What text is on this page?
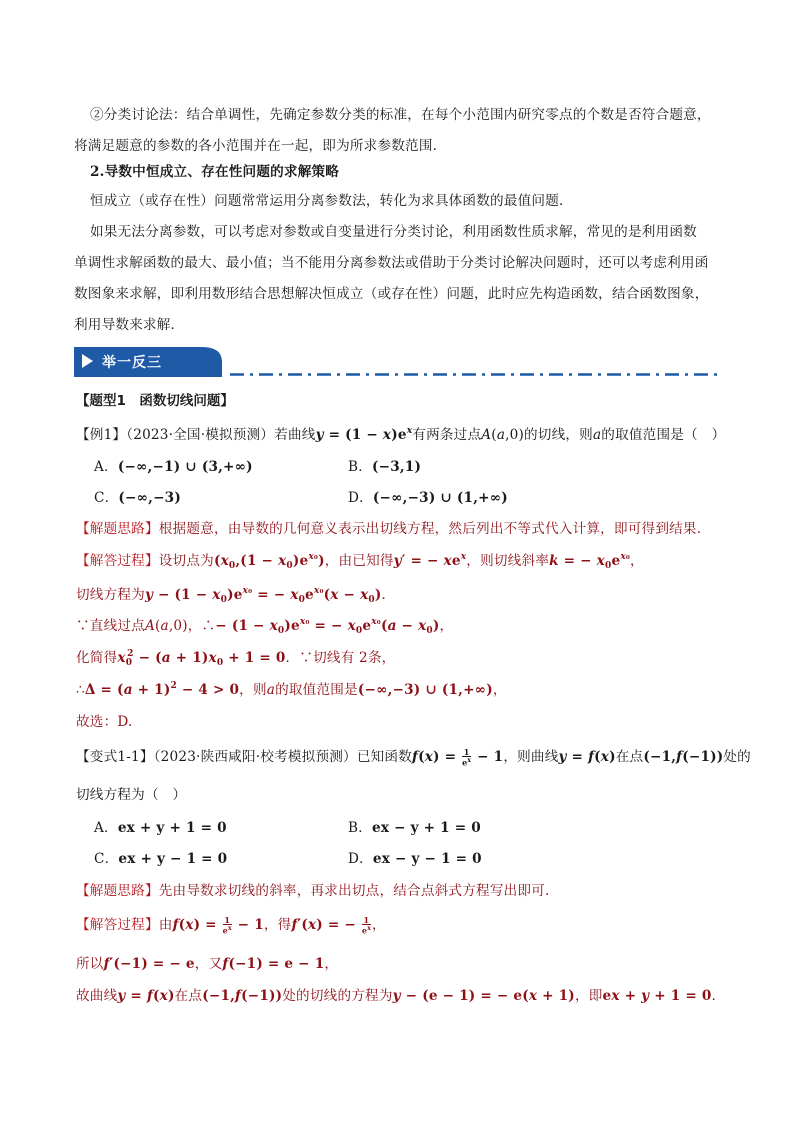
②分类讨论法：结合单调性，先确定参数分类的标准，在每个小范围内研究零点的个数是否符合题意，
将满足题意的参数的各小范围并在一起，即为所求参数范围．
2.导数中恒成立、存在性问题的求解策略
恒成立（或存在性）问题常常运用分离参数法，转化为求具体函数的最值问题．
如果无法分离参数，可以考虑对参数或自变量进行分类讨论，利用函数性质求解，常见的是利用函数
单调性求解函数的最大、最小值；当不能用分离参数法或借助于分类讨论解决问题时，还可以考虑利用函
数图象来求解，即利用数形结合思想解决恒成立（或存在性）问题，此时应先构造函数，结合函数图象，
利用导数来求解．
举一反三
【题型1　函数切线问题】
【例1】（2023·全国·模拟预测）若曲线$y = (1 - x)e^x$有两条过点A(a,0)的切线，则a的取值范围是（　）
A．(−∞,−1) ∪ (3,+∞)	B．(−3,1)
C．(−∞,−3)	D．(−∞,−3) ∪ (1,+∞)
【解题思路】根据题意，由导数的几何意义表示出切线方程，然后列出不等式代入计算，即可得到结果.
【解答过程】设切点为$(x_0,(1 - x_0)e^{x_0})$，由已知得y′ = − $xe^x$，则切线斜率k = − $x_0e^{x_0}$，
切线方程为$y - (1 - x_0)e^{x_0}$ = − $x_0e^{x_0}(x - x_0)$．
∵直线过点A(a,0)，∴− $(1 - x_0)e^{x_0}$ = − $x_0e^{x_0}(a - x_0)$，
化简得$x_0^2 - (a + 1)x_0 + 1 = 0$．∵切线有 2条，
∴Δ = $(a + 1)^2 - 4 > 0$，则a的取值范围是(−∞,−3) ∪ (1,+∞)，
故选：D.
【变式1-1】（2023·陕西咸阳·校考模拟预测）已知函数$f(x) = \frac{1}{e^x} - 1$，则曲线y = f(x)在点(−1,f(−1))处的
切线方程为（　）
A．ex + y + 1 = 0	B．ex − y + 1 = 0
C．ex + y − 1 = 0	D．ex − y − 1 = 0
【解题思路】先由导数求切线的斜率，再求出切点，结合点斜式方程写出即可.
【解答过程】由$f(x) = \frac{1}{e^x} - 1$，得f′(x) = − $\frac{1}{e^x}$ ，
所以f′(−1) = − e，又f(−1) = e − 1，
故曲线y = f(x)在点(−1,f(−1))处的切线的方程为y − (e − 1) = − e(x + 1)，即ex + y + 1 = 0.
